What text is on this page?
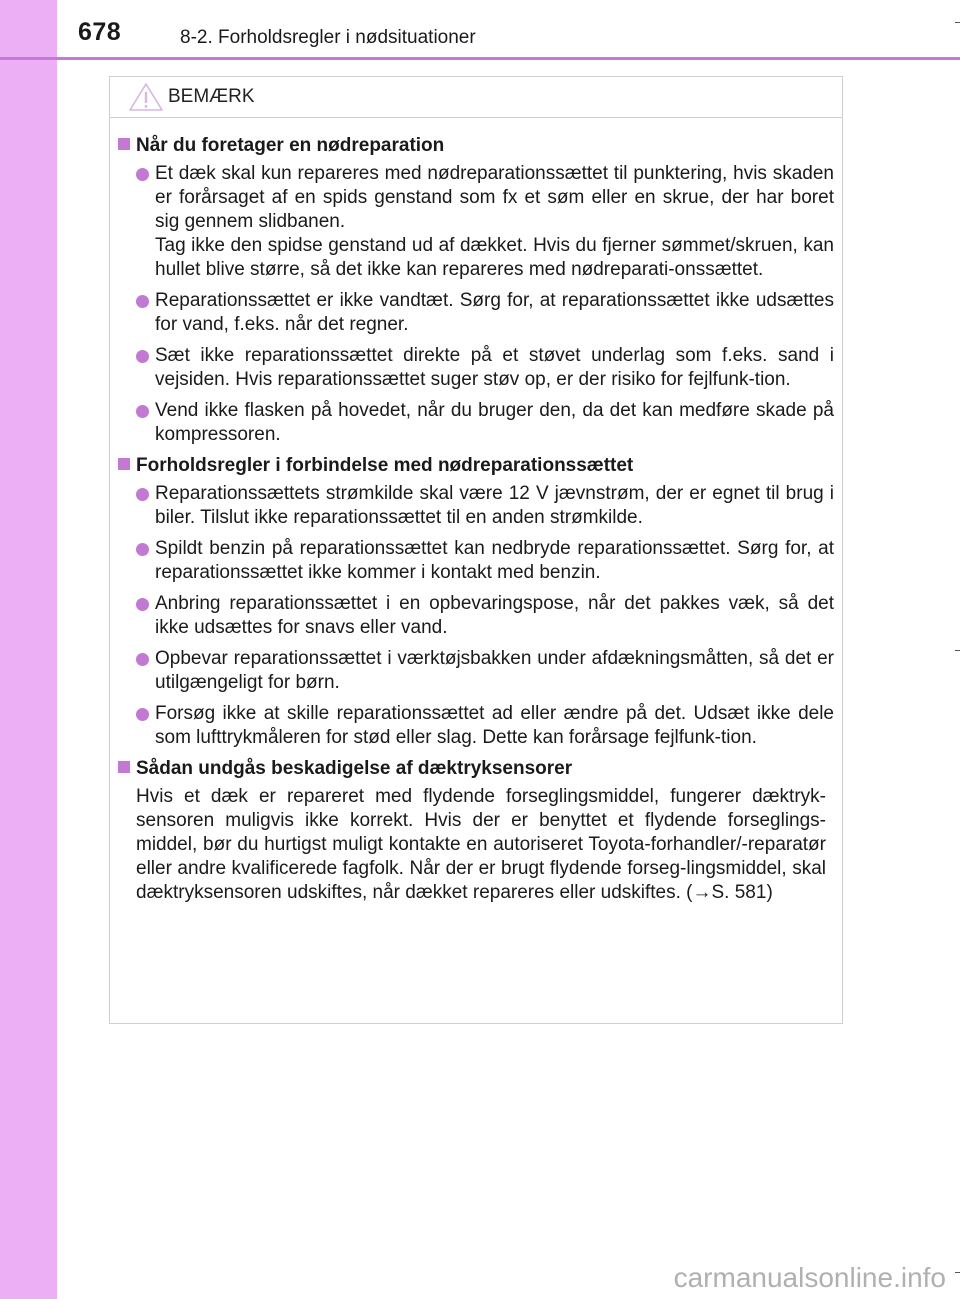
678	8-2. Forholdsregler i nødsituationer
BEMÆRK
Når du foretager en nødreparation
Et dæk skal kun repareres med nødreparationssættet til punktering, hvis skaden er forårsaget af en spids genstand som fx et søm eller en skrue, der har boret sig gennem slidbanen.
Tag ikke den spidse genstand ud af dækket. Hvis du fjerner sømmet/skruen, kan hullet blive større, så det ikke kan repareres med nødreparati-onssættet.
Reparationssættet er ikke vandtæt. Sørg for, at reparationssættet ikke udsættes for vand, f.eks. når det regner.
Sæt ikke reparationssættet direkte på et støvet underlag som f.eks. sand i vejsiden. Hvis reparationssættet suger støv op, er der risiko for fejlfunk-tion.
Vend ikke flasken på hovedet, når du bruger den, da det kan medføre skade på kompressoren.
Forholdsregler i forbindelse med nødreparationssættet
Reparationssættets strømkilde skal være 12 V jævnstrøm, der er egnet til brug i biler. Tilslut ikke reparationssættet til en anden strømkilde.
Spildt benzin på reparationssættet kan nedbryde reparationssættet. Sørg for, at reparationssættet ikke kommer i kontakt med benzin.
Anbring reparationssættet i en opbevaringspose, når det pakkes væk, så det ikke udsættes for snavs eller vand.
Opbevar reparationssættet i værktøjsbakken under afdækningsmåtten, så det er utilgængeligt for børn.
Forsøg ikke at skille reparationssættet ad eller ændre på det. Udsæt ikke dele som lufttrykmåleren for stød eller slag. Dette kan forårsage fejlfunk-tion.
Sådan undgås beskadigelse af dæktryksensorer
Hvis et dæk er repareret med flydende forseglingsmiddel, fungerer dæktryk-sensoren muligvis ikke korrekt. Hvis der er benyttet et flydende forseglings-middel, bør du hurtigst muligt kontakte en autoriseret Toyota-forhandler/-reparatør eller andre kvalificerede fagfolk. Når der er brugt flydende forseg-lingsmiddel, skal dæktryksensoren udskiftes, når dækket repareres eller udskiftes. (→S. 581)
carmanualsonline.info
